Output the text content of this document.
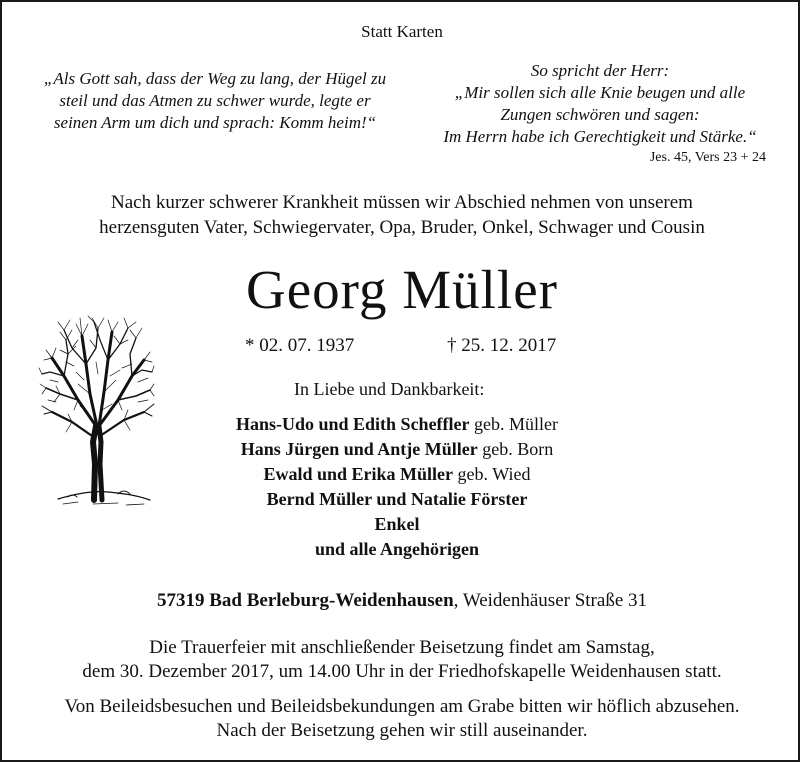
Statt Karten
„Als Gott sah, dass der Weg zu lang, der Hügel zu
steil und das Atmen zu schwer wurde, legte er
seinen Arm um dich und sprach: Komm heim!“
So spricht der Herr:
„Mir sollen sich alle Knie beugen und alle
Zungen schwören und sagen:
Im Herrn habe ich Gerechtigkeit und Stärke.“
Jes. 45, Vers 23 + 24
Nach kurzer schwerer Krankheit müssen wir Abschied nehmen von unserem
herzensguten Vater, Schwiegervater, Opa, Bruder, Onkel, Schwager und Cousin
Georg Müller
* 02. 07. 1937	† 25. 12. 2017
In Liebe und Dankbarkeit:
Hans-Udo und Edith Scheffler geb. Müller
Hans Jürgen und Antje Müller geb. Born
Ewald und Erika Müller geb. Wied
Bernd Müller und Natalie Förster
Enkel
und alle Angehörigen
57319 Bad Berleburg-Weidenhausen, Weidenhäuser Straße 31
Die Trauerfeier mit anschließender Beisetzung findet am Samstag,
dem 30. Dezember 2017, um 14.00 Uhr in der Friedhofskapelle Weidenhausen statt.
Von Beileidsbesuchen und Beileidsbekundungen am Grabe bitten wir höflich abzusehen.
Nach der Beisetzung gehen wir still auseinander.
